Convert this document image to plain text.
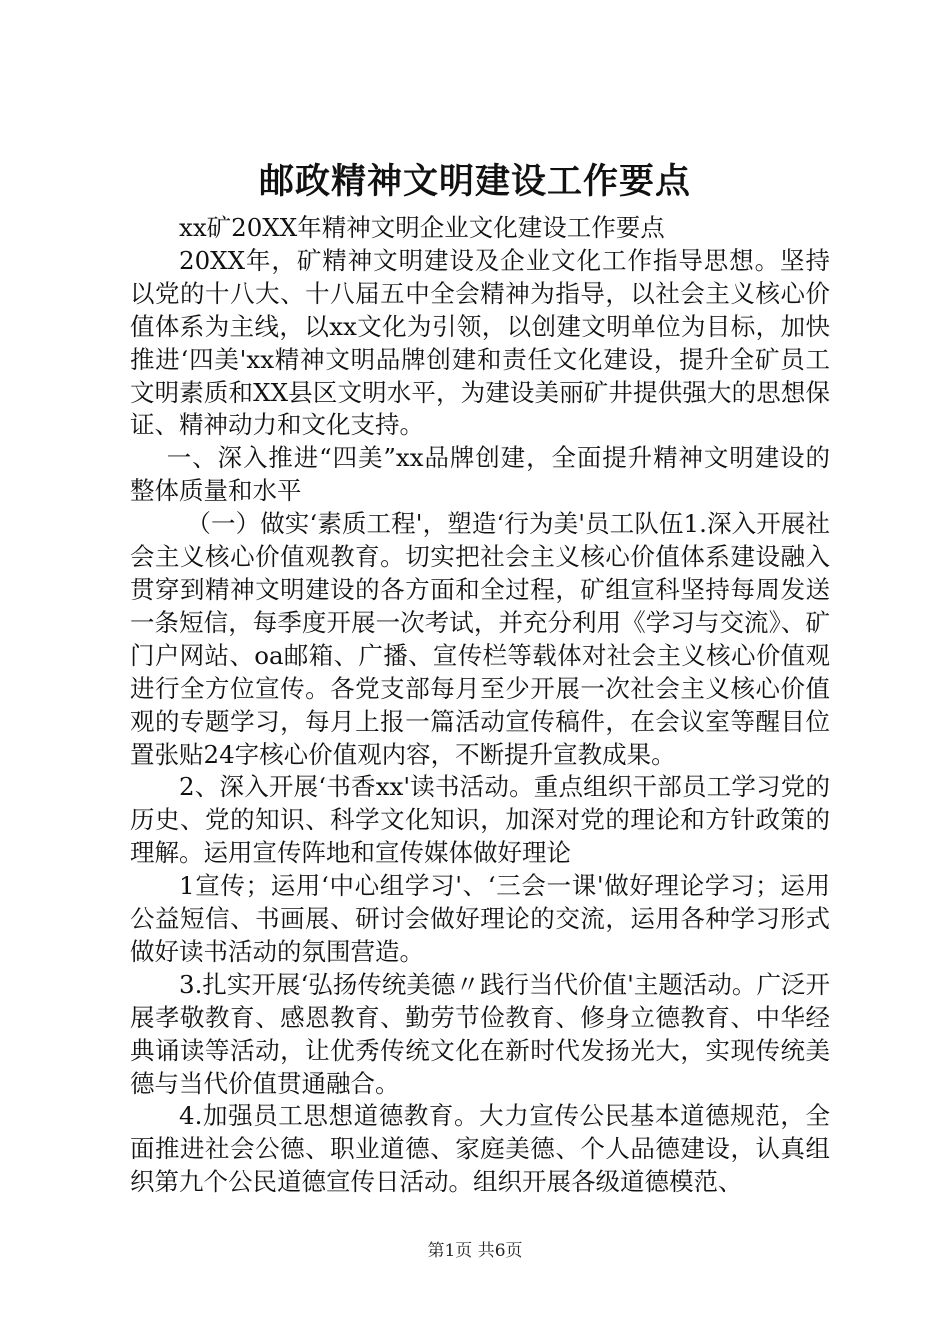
邮政精神文明建设工作要点

xx矿20XX年精神文明企业文化建设工作要点

20XX年，矿精神文明建设及企业文化工作指导思想。坚持以党的十八大、十八届五中全会精神为指导，以社会主义核心价值体系为主线，以xx文化为引领，以创建文明单位为目标，加快推进‘四美'xx精神文明品牌创建和责任文化建设，提升全矿员工文明素质和XX县区文明水平，为建设美丽矿井提供强大的思想保证、精神动力和文化支持。

一、深入推进“四美”xx品牌创建，全面提升精神文明建设的整体质量和水平

（一）做实‘素质工程'，塑造‘行为美'员工队伍1.深入开展社会主义核心价值观教育。切实把社会主义核心价值体系建设融入贯穿到精神文明建设的各方面和全过程，矿组宣科坚持每周发送一条短信，每季度开展一次考试，并充分利用《学习与交流》、矿门户网站、oa邮箱、广播、宣传栏等载体对社会主义核心价值观进行全方位宣传。各党支部每月至少开展一次社会主义核心价值观的专题学习，每月上报一篇活动宣传稿件，在会议室等醒目位置张贴24字核心价值观内容，不断提升宣教成果。

2、深入开展‘书香xx'读书活动。重点组织干部员工学习党的历史、党的知识、科学文化知识，加深对党的理论和方针政策的理解。运用宣传阵地和宣传媒体做好理论

1宣传；运用‘中心组学习'、‘三会一课'做好理论学习；运用公益短信、书画展、研讨会做好理论的交流，运用各种学习形式做好读书活动的氛围营造。

3.扎实开展‘弘扬传统美德〃践行当代价值'主题活动。广泛开展孝敬教育、感恩教育、勤劳节俭教育、修身立德教育、中华经典诵读等活动，让优秀传统文化在新时代发扬光大，实现传统美德与当代价值贯通融合。

4.加强员工思想道德教育。大力宣传公民基本道德规范，全面推进社会公德、职业道德、家庭美德、个人品德建设，认真组织第九个公民道德宣传日活动。组织开展各级道德模范、

第1页 共6页
